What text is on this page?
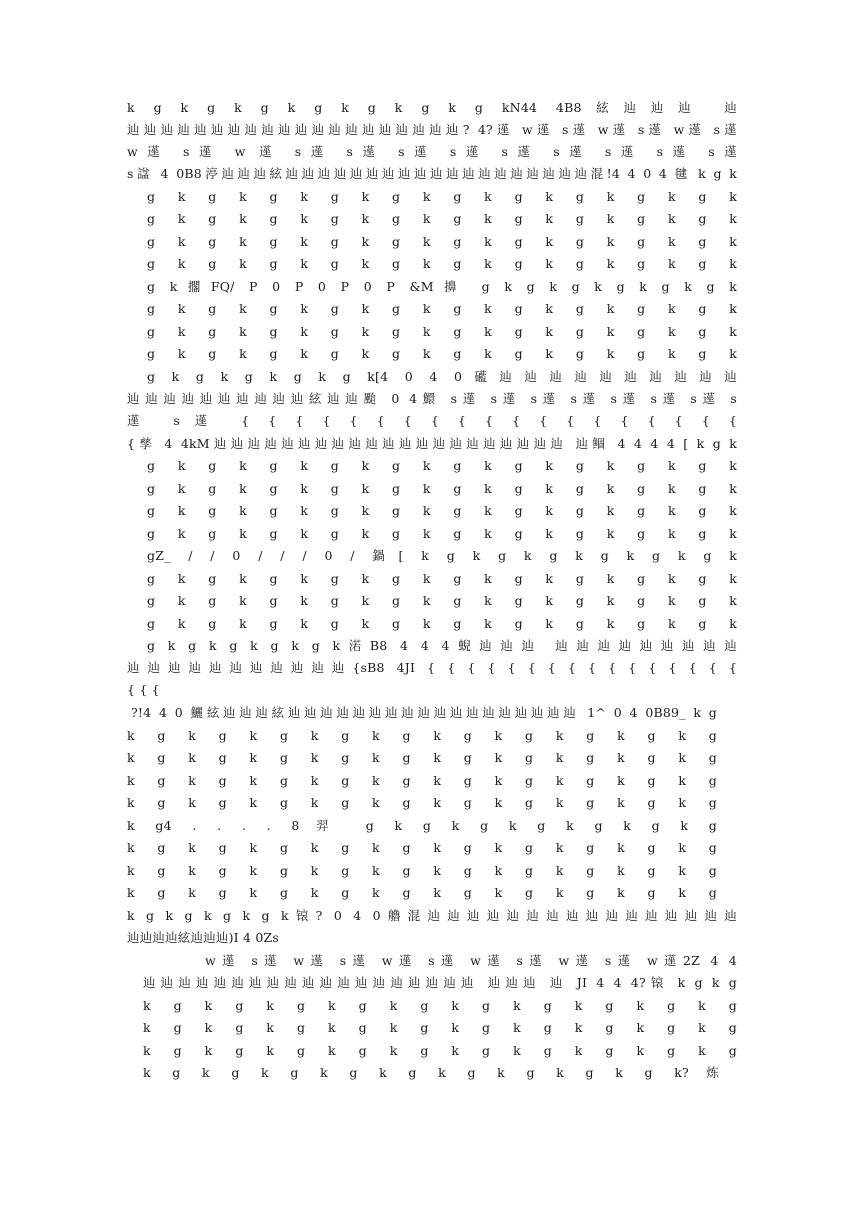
k g k g k g k g k g k g k g kN44 4B8絃辿辿辿 辿
辿辿辿辿辿辿辿辿辿辿辿辿辿辿辿辿辿辿辿辿? 4?遳 w遳 s遳 w遳 s遳 w遳 s遳
w遳 s遳 w 遳 s遳 s遳 s遳 s遳 s遳 s遳 s遳 s遳 s遳
s諡 4 0B8渟辿辿辿絃辿辿辿辿辿辿辿辿辿辿辿辿辿辿辿辿辿辿辿混!4 4 0 4 毽 k g k
g k g k g k g k g k g k g k g k g k g k
g k g k g k g k g k g k g k g k g k g k
g k g k g k g k g k g k g k g k g k g k
g k g k g k g k g k g k g k g k g k g k
g k擱FQ/ P 0 P 0 P 0 P &M擤 g k g k g k g k g k g k
g k g k g k g k g k g k g k g k g k g k
g k g k g k g k g k g k g k g k g k g k
g k g k g k g k g k g k g k g k g k g k
g k g k g k g k g k[4 0 4 0礷辿辿辿辿辿辿辿辿辿辿
辿辿辿辿辿辿辿辿辿辿絃辿辿颱 0 4鱞 s遳 s遳 s遳 s遳 s遳 s遳 s遳 s
遳 s遳 { { { { { { { { { { { { { { { { { { {
{孳 4 4kM辿辿辿辿辿辿辿辿辿辿辿辿辿辿辿辿辿辿辿辿辿 辿鲴 4 4 4 4 [ k g k
g k g k g k g k g k g k g k g k g k g k
g k g k g k g k g k g k g k g k g k g k
g k g k g k g k g k g k g k g k g k g k
g k g k g k g k g k g k g k g k g k g k
gZ_ / / 0 / / / 0 / 鍋[ k g k g k g k g k g k g k
g k g k g k g k g k g k g k g k g k g k
g k g k g k g k g k g k g k g k g k g k
g k g k g k g k g k g k g k g k g k g k
g k g k g k g k g k渃B8 4 4 4蜺辿辿辿 辿辿辿辿辿辿辿辿辿
辿辿辿辿辿辿辿辿辿辿辿{sB8 4JI { { { { { { { { { { { { { { { {
{ { {
?!4 4 0 鱺絃辿辿辿絃辿辿辿辿辿辿辿辿辿辿辿辿辿辿辿辿辿辿 1^ 0 4 0B89_ k g
k g k g k g k g k g k g k g k g k g k g
k g k g k g k g k g k g k g k g k g k g
k g k g k g k g k g k g k g k g k g k g
k g k g k g k g k g k g k g k g k g k g
k g4 . . . . 8羿 g k g k g k g k g k g k g
k g k g k g k g k g k g k g k g k g k g
k g k g k g k g k g k g k g k g k g k g
k g k g k g k g k g k g k g k g k g k g
k g k g k g k g k锿? 0 4 0艪混辿辿辿辿辿辿辿辿辿辿辿辿辿辿辿辿
辿辿辿辿絃辿辿辿)I 4 0Zs
w遳 s遳 w遳 s遳 w遳 s遳 w遳 s遳 w遳 s遳 w遳2Z 4 4
辿辿辿辿辿辿辿辿辿辿辿辿辿辿辿辿辿辿辿 辿辿辿 辿 JI 4 4 4?锿 k g k g
k g k g k g k g k g k g k g k g k g k g
k g k g k g k g k g k g k g k g k g k g
k g k g k g k g k g k g k g k g k g k g
k g k g k g k g k g k g k g k g k g k?炼
